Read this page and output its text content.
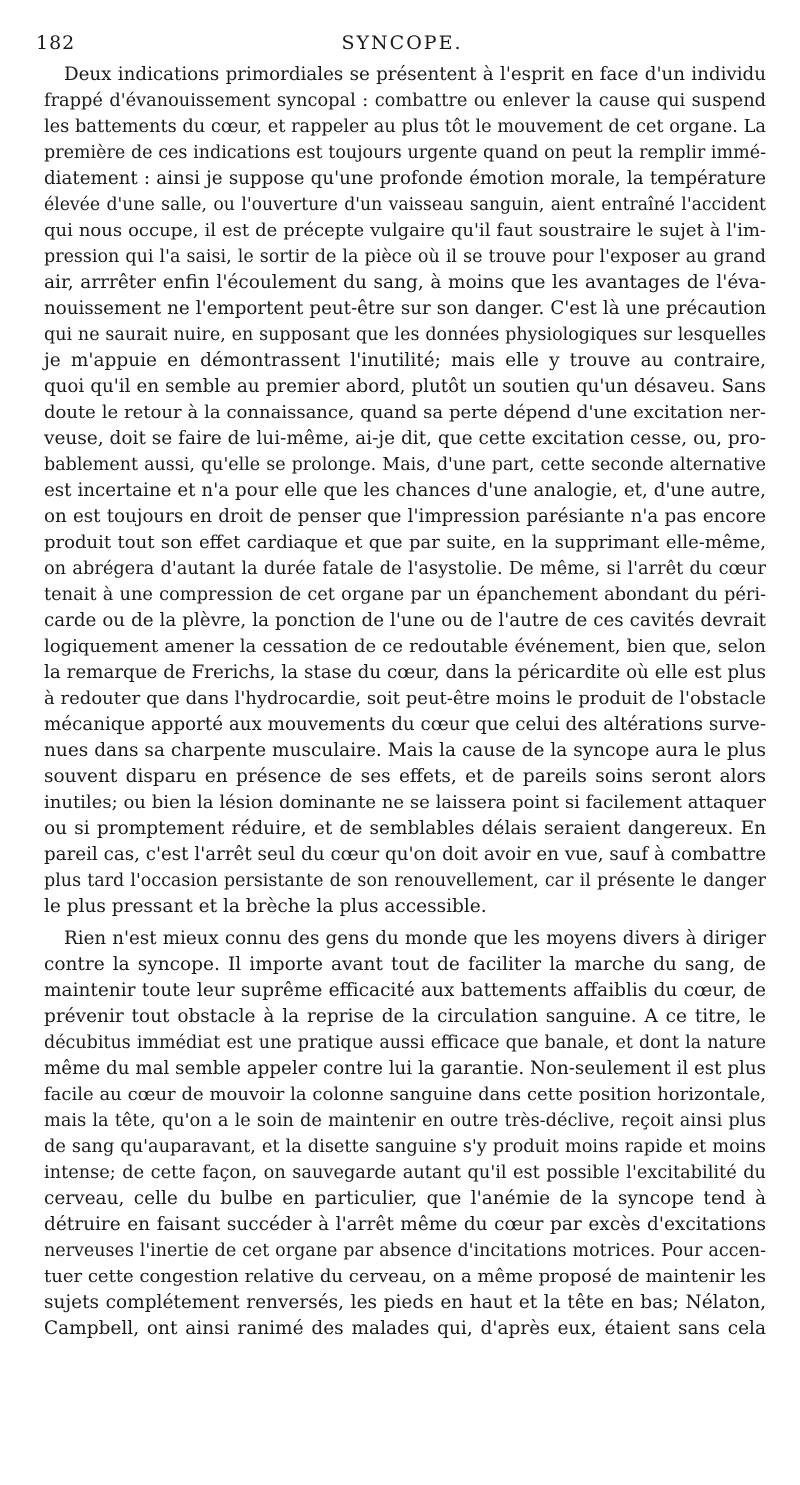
182	SYNCOPE.
Deux indications primordiales se présentent à l'esprit en face d'un individu
frappé d'évanouissement syncopal : combattre ou enlever la cause qui suspend
les battements du cœur, et rappeler au plus tôt le mouvement de cet organe. La
première de ces indications est toujours urgente quand on peut la remplir immé-
diatement : ainsi je suppose qu'une profonde émotion morale, la température
élevée d'une salle, ou l'ouverture d'un vaisseau sanguin, aient entraîné l'accident
qui nous occupe, il est de précepte vulgaire qu'il faut soustraire le sujet à l'im-
pression qui l'a saisi, le sortir de la pièce où il se trouve pour l'exposer au grand
air, arrrêter enfin l'écoulement du sang, à moins que les avantages de l'éva-
nouissement ne l'emportent peut-être sur son danger. C'est là une précaution
qui ne saurait nuire, en supposant que les données physiologiques sur lesquelles
je m'appuie en démontrassent l'inutilité; mais elle y trouve au contraire,
quoi qu'il en semble au premier abord, plutôt un soutien qu'un désaveu. Sans
doute le retour à la connaissance, quand sa perte dépend d'une excitation ner-
veuse, doit se faire de lui-même, ai-je dit, que cette excitation cesse, ou, pro-
bablement aussi, qu'elle se prolonge. Mais, d'une part, cette seconde alternative
est incertaine et n'a pour elle que les chances d'une analogie, et, d'une autre,
on est toujours en droit de penser que l'impression parésiante n'a pas encore
produit tout son effet cardiaque et que par suite, en la supprimant elle-même,
on abrégera d'autant la durée fatale de l'asystolie. De même, si l'arrêt du cœur
tenait à une compression de cet organe par un épanchement abondant du péri-
carde ou de la plèvre, la ponction de l'une ou de l'autre de ces cavités devrait
logiquement amener la cessation de ce redoutable événement, bien que, selon
la remarque de Frerichs, la stase du cœur, dans la péricardite où elle est plus
à redouter que dans l'hydrocardie, soit peut-être moins le produit de l'obstacle
mécanique apporté aux mouvements du cœur que celui des altérations surve-
nues dans sa charpente musculaire. Mais la cause de la syncope aura le plus
souvent disparu en présence de ses effets, et de pareils soins seront alors
inutiles; ou bien la lésion dominante ne se laissera point si facilement attaquer
ou si promptement réduire, et de semblables délais seraient dangereux. En
pareil cas, c'est l'arrêt seul du cœur qu'on doit avoir en vue, sauf à combattre
plus tard l'occasion persistante de son renouvellement, car il présente le danger
le plus pressant et la brèche la plus accessible.
Rien n'est mieux connu des gens du monde que les moyens divers à diriger
contre la syncope. Il importe avant tout de faciliter la marche du sang, de
maintenir toute leur suprême efficacité aux battements affaiblis du cœur, de
prévenir tout obstacle à la reprise de la circulation sanguine. A ce titre, le
décubitus immédiat est une pratique aussi efficace que banale, et dont la nature
même du mal semble appeler contre lui la garantie. Non-seulement il est plus
facile au cœur de mouvoir la colonne sanguine dans cette position horizontale,
mais la tête, qu'on a le soin de maintenir en outre très-déclive, reçoit ainsi plus
de sang qu'auparavant, et la disette sanguine s'y produit moins rapide et moins
intense; de cette façon, on sauvegarde autant qu'il est possible l'excitabilité du
cerveau, celle du bulbe en particulier, que l'anémie de la syncope tend à
détruire en faisant succéder à l'arrêt même du cœur par excès d'excitations
nerveuses l'inertie de cet organe par absence d'incitations motrices. Pour accen-
tuer cette congestion relative du cerveau, on a même proposé de maintenir les
sujets complétement renversés, les pieds en haut et la tête en bas; Nélaton,
Campbell, ont ainsi ranimé des malades qui, d'après eux, étaient sans cela
